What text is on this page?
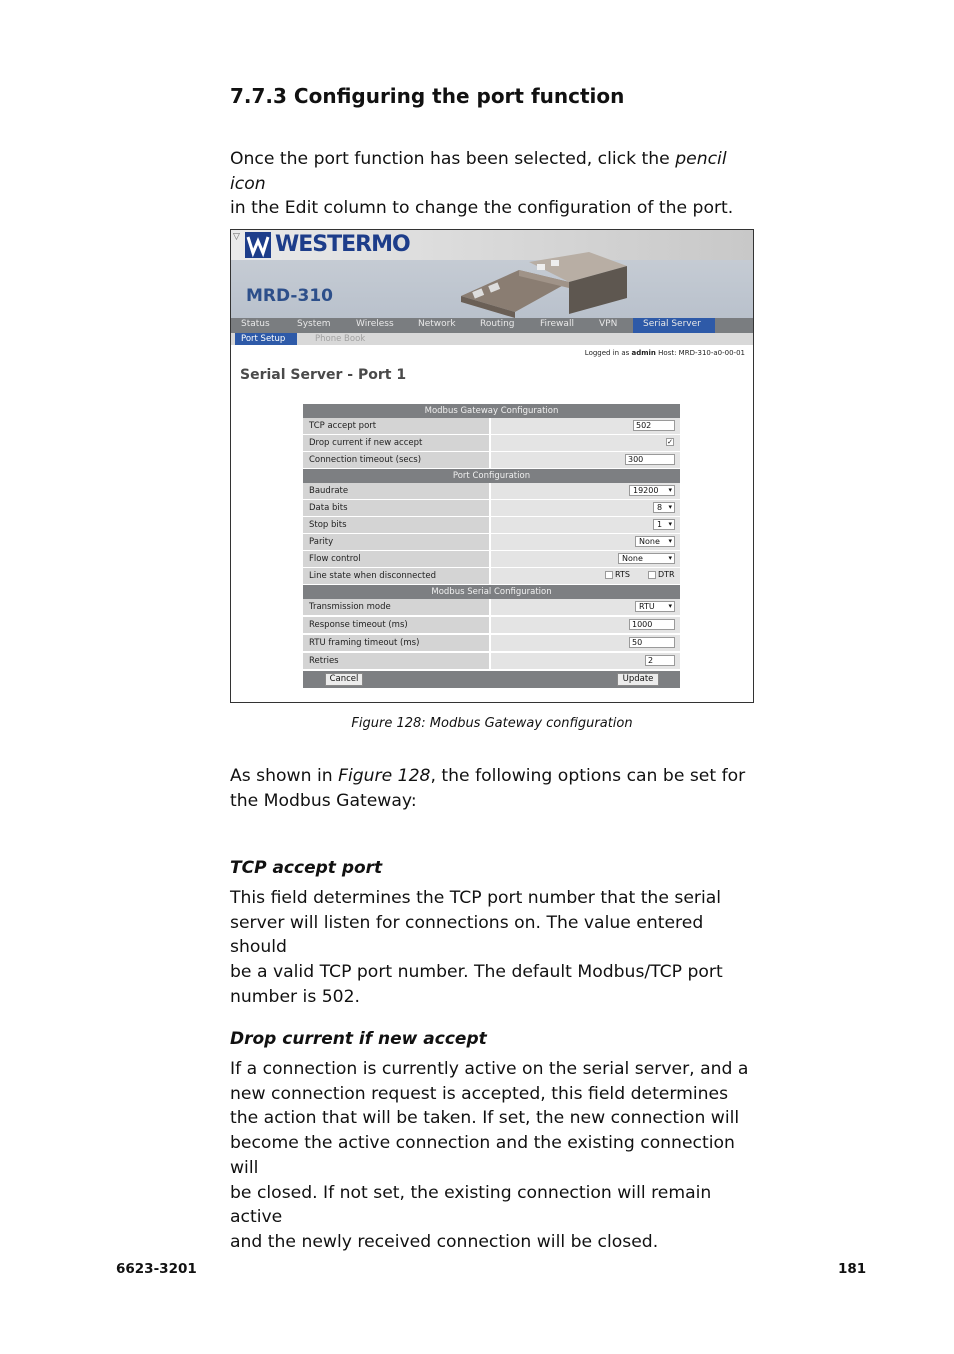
7.7.3 Configuring the port function

Once the port function has been selected, click the pencil icon
in the Edit column to change the configuration of the port.

▽ WESTERMO
MRD-310
Status	System	Wireless	Network	Routing	Firewall	VPN	Serial Server
Port Setup	Phone Book
Logged in as admin Host: MRD-310-a0-00-01
Serial Server - Port 1
Modbus Gateway Configuration
TCP accept port	502
Drop current if new accept	✓
Connection timeout (secs)	300
Port Configuration
Baudrate	19200 ▾
Data bits	8 ▾
Stop bits	1 ▾
Parity	None ▾
Flow control	None	▾
Line state when disconnected	RTS	DTR
Modbus Serial Configuration
Transmission mode	RTU ▾
Response timeout (ms)	1000
RTU framing timeout (ms)	50
Retries	2
Cancel	Update
Figure 128: Modbus Gateway configuration

As shown in Figure 128, the following options can be set for
the Modbus Gateway:

TCP accept port

This field determines the TCP port number that the serial
server will listen for connections on. The value entered should
be a valid TCP port number. The default Modbus/TCP port
number is 502.

Drop current if new accept

If a connection is currently active on the serial server, and a
new connection request is accepted, this field determines
the action that will be taken. If set, the new connection will
become the active connection and the existing connection will
be closed. If not set, the existing connection will remain active
and the newly received connection will be closed.

6623-3201	181
